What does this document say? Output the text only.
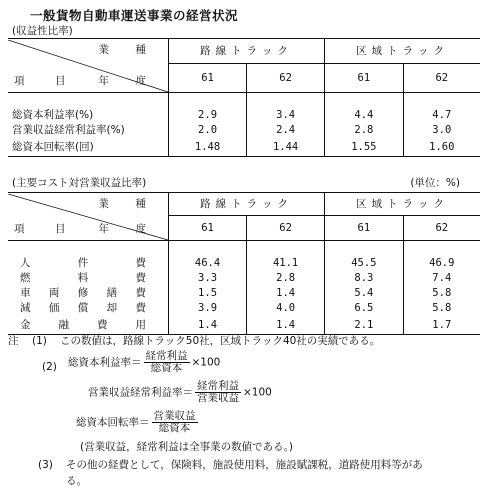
一般貨物自動車運送事業の経営状況
(収益性比率)
業　種
年　度
項　目	路線トラック		区域トラック	
	61	62	61	62

総資本利益率(%)	2.9	3.4	4.4	4.7
営業収益経常利益率(%)	2.0	2.4	2.8	3.0
総資本回転率(回)	1.48	1.44	1.55	1.60
(主要コスト対営業収益比率)	(単位：%)
業　種
年　度
項　目	路線トラック		区域トラック	
	61	62	61	62

人 件 費	46.4	41.1	45.5	46.9

燃 料 費	3.3	2.8	8.3	7.4

車 両 修 繕 費	1.5	1.4	5.4	5.8

減 価 償 却 費	3.9	4.0	6.5	5.8

金 融 費 用	1.4	1.4	2.1	1.7
注 (1) この数値は，路線トラック50社，区域トラック40社の実績である。
(2) 総資本利益率＝ $\frac{\text{経常利益}}{\text{総資本}} \times 100$
営業収益経常利益率＝ $\frac{\text{経常利益}}{\text{営業収益}} \times 100$
総資本回転率＝ $\frac{\text{営業収益}}{\text{総資本}}$
(営業収益，経常利益は全事業の数値である。)
(3) その他の経費として，保険料，施設使用料，施設賦課税，道路使用料等があ
る。
